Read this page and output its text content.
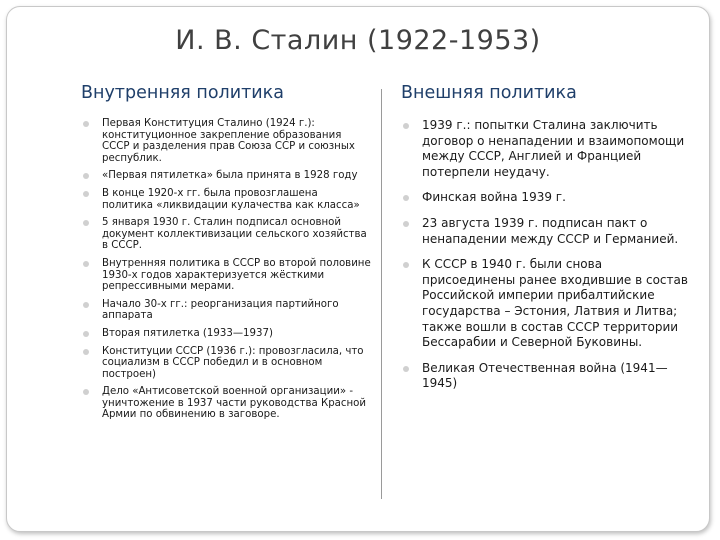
И. В. Сталин (1922-1953)
Внутренняя политика	Внешняя политика
Первая Конституция Сталино (1924 г.): конституционное закрепление образования СССР и разделения прав Союза ССР и союзных республик.
«Первая пятилетка» была принята в 1928 году
В конце 1920-х гг. была провозглашена политика «ликвидации кулачества как класса»
5 января 1930 г. Сталин подписал основной документ коллективизации сельского хозяйства в СССР.
Внутренняя политика в СССР во второй половине 1930-х годов характеризуется жёсткими репрессивными мерами.
Начало 30-х гг.: реорганизация партийного аппарата
Вторая пятилетка (1933—1937)
Конституции СССР (1936 г.): провозгласила, что социализм в СССР победил и в основном построен)
Дело «Антисоветской военной организации» - уничтожение в 1937 части руководства Красной Армии по обвинению в заговоре.
1939 г.: попытки Сталина заключить договор о ненападении и взаимопомощи между СССР, Англией и Францией потерпели неудачу.
Финская война 1939 г.
23 августа 1939 г. подписан пакт о ненападении между СССР и Германией.
К СССР в 1940 г. были снова присоединены ранее входившие в состав Российской империи прибалтийские государства – Эстония, Латвия и Литва; также вошли в состав СССР территории Бессарабии и Северной Буковины.
Великая Отечественная война (1941— 1945)
